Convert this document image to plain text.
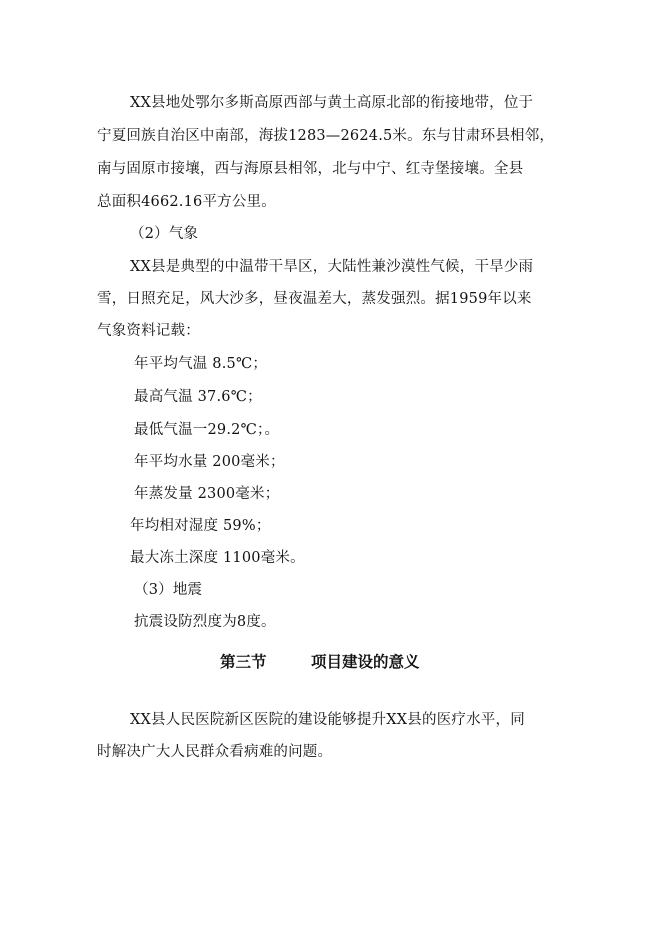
XX县地处鄂尔多斯高原西部与黄土高原北部的衔接地带，位于
宁夏回族自治区中南部，海拔1283—2624.5米。东与甘肃环县相邻，
南与固原市接壤，西与海原县相邻，北与中宁、红寺堡接壤。全县
总面积4662.16平方公里。
（2）气象
XX县是典型的中温带干旱区，大陆性兼沙漠性气候，干旱少雨
雪，日照充足，风大沙多，昼夜温差大，蒸发强烈。据1959年以来
气象资料记载：
年平均气温 8.5℃；
最高气温 37.6℃；
最低气温一29.2℃；。
年平均水量 200毫米；
年蒸发量 2300毫米；
年均相对湿度 59%；
最大冻土深度 1100毫米。
（3）地震
抗震设防烈度为8度。
第三节	项目建设的意义
XX县人民医院新区医院的建设能够提升XX县的医疗水平，同
时解决广大人民群众看病难的问题。
